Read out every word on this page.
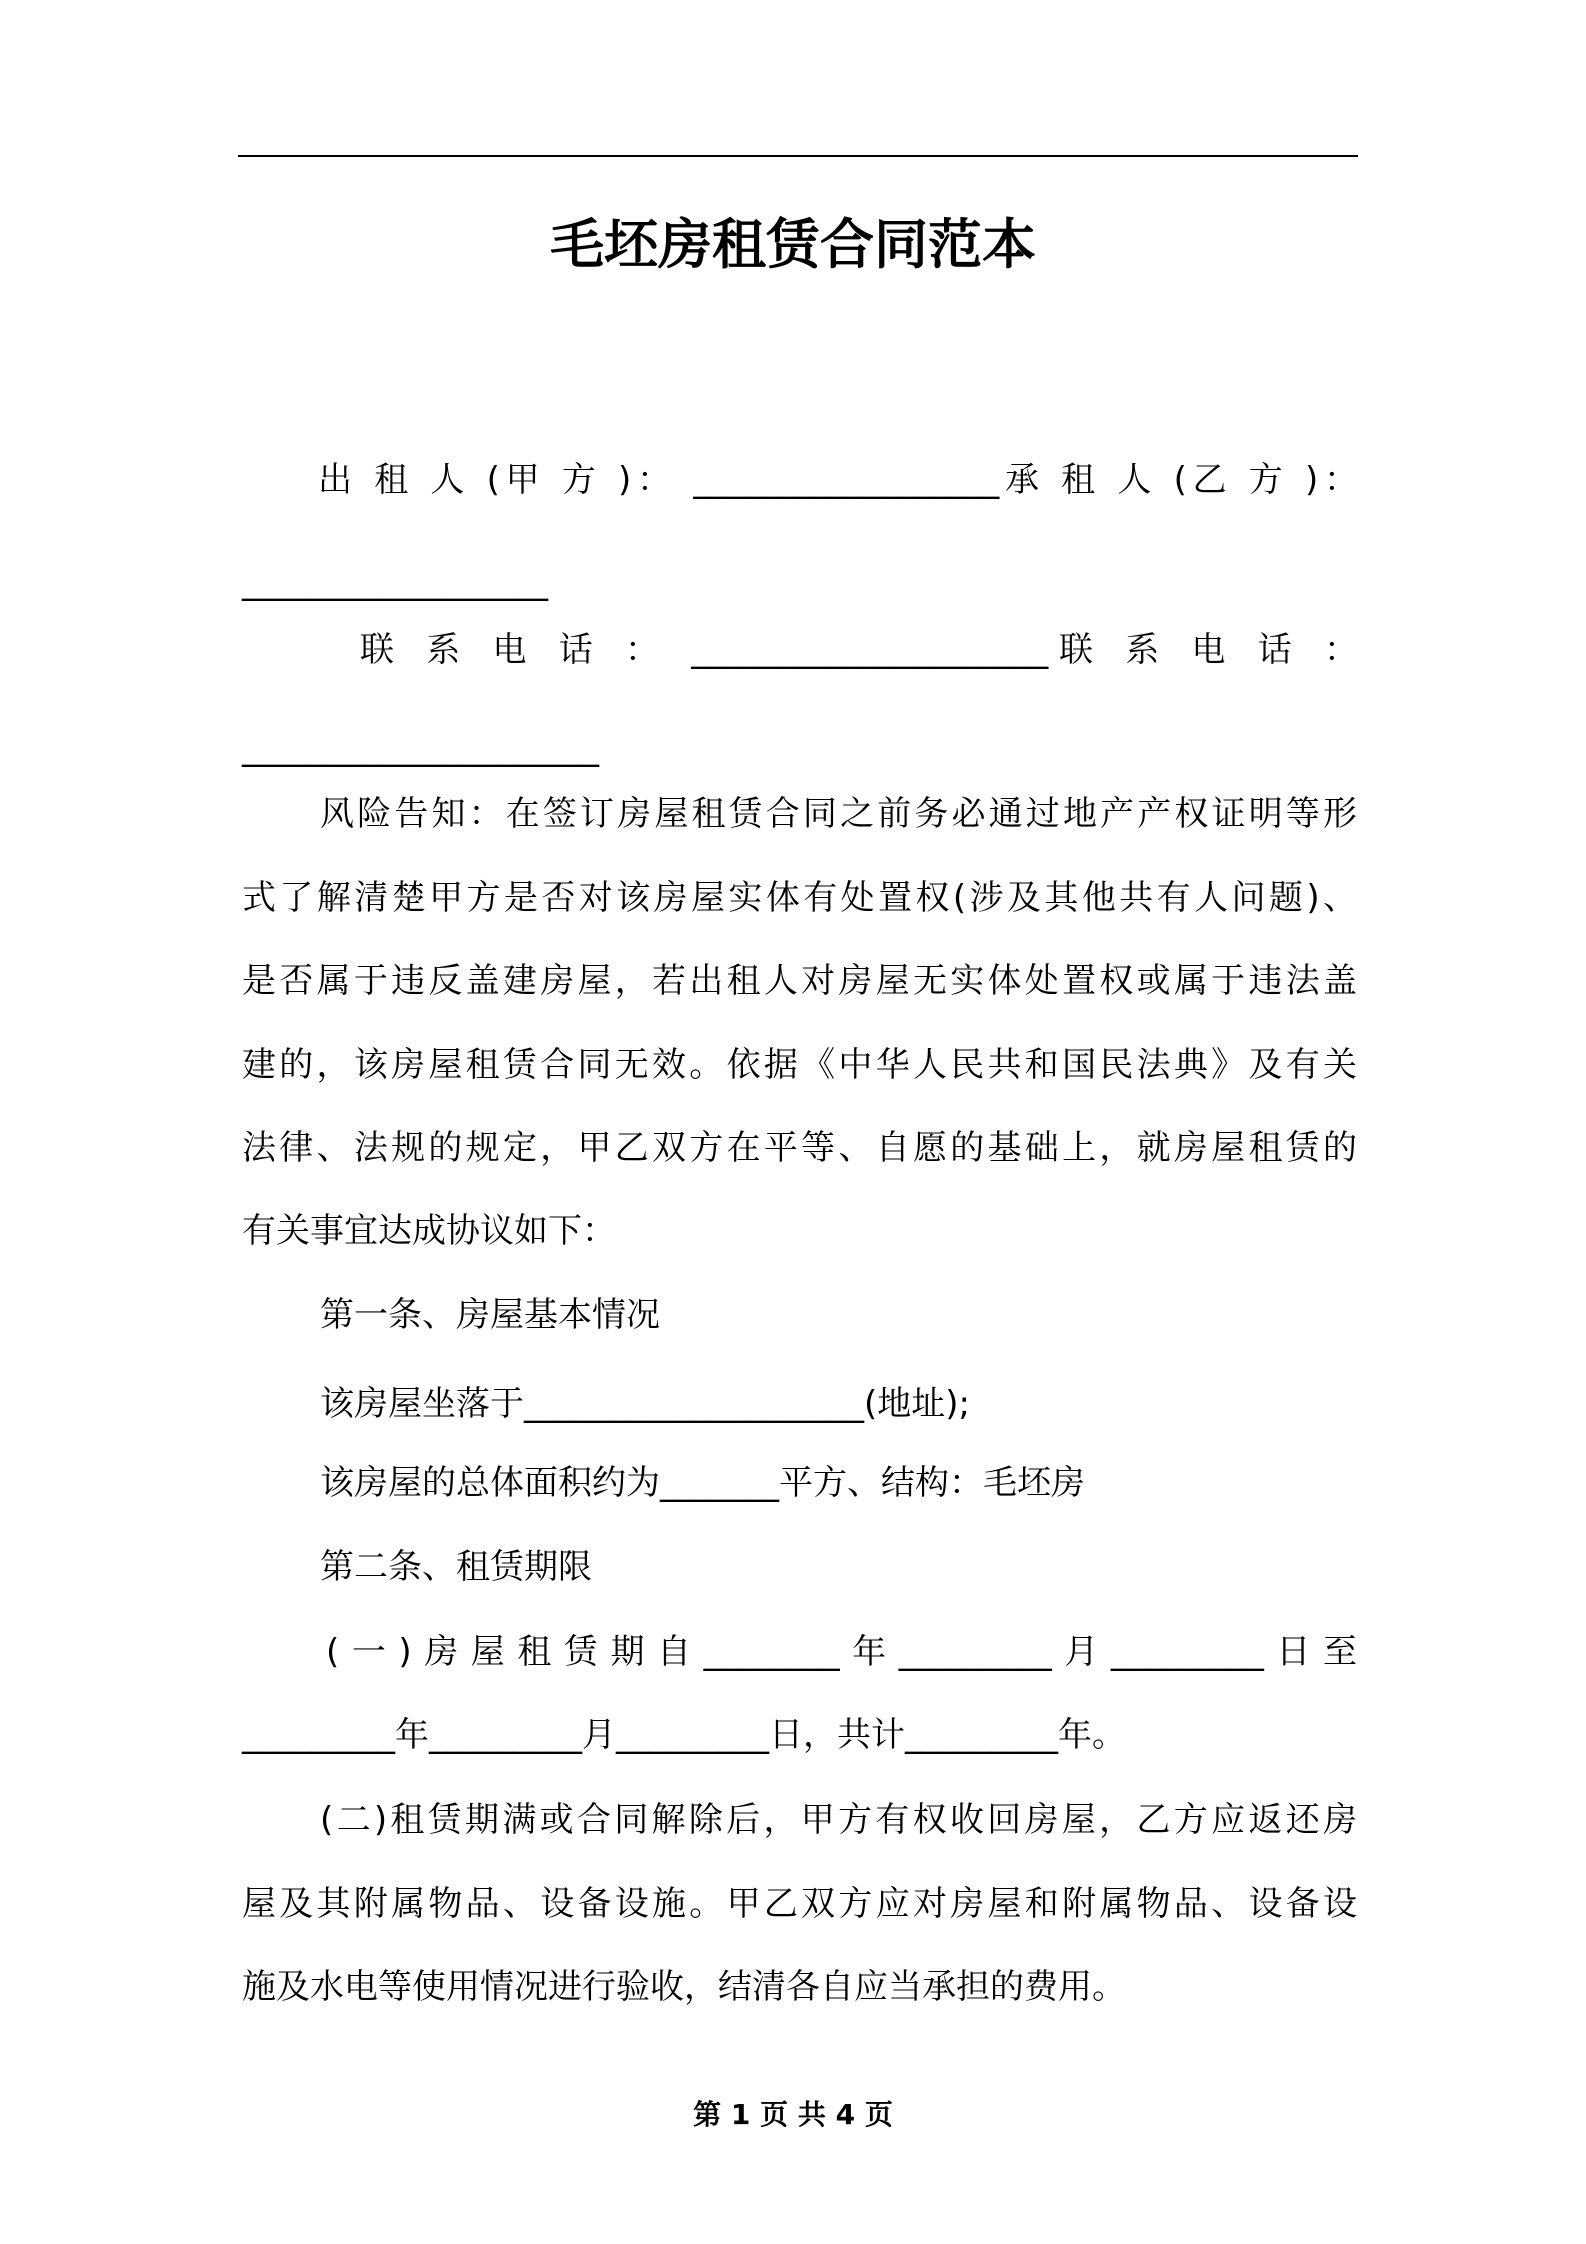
毛坯房租赁合同范本
出 租 人 (甲 方 )： __________________承 租 人 (乙 方 )：
__________________
联 系 电 话 ： _____________________联 系 电 话 ：
_____________________
风险告知：在签订房屋租赁合同之前务必通过地产产权证明等形
式了解清楚甲方是否对该房屋实体有处置权(涉及其他共有人问题)、
是否属于违反盖建房屋，若出租人对房屋无实体处置权或属于违法盖
建的，该房屋租赁合同无效。依据《中华人民共和国民法典》及有关
法律、法规的规定，甲乙双方在平等、自愿的基础上，就房屋租赁的
有关事宜达成协议如下：
第一条、房屋基本情况
该房屋坐落于____________________(地址);
该房屋的总体面积约为_______平方、结构：毛坯房
第二条、租赁期限
(一)房屋租赁期自________年_________月_________日至
_________年_________月_________日，共计_________年。
(二)租赁期满或合同解除后，甲方有权收回房屋，乙方应返还房
屋及其附属物品、设备设施。甲乙双方应对房屋和附属物品、设备设
施及水电等使用情况进行验收，结清各自应当承担的费用。
第 1 页 共 4 页
